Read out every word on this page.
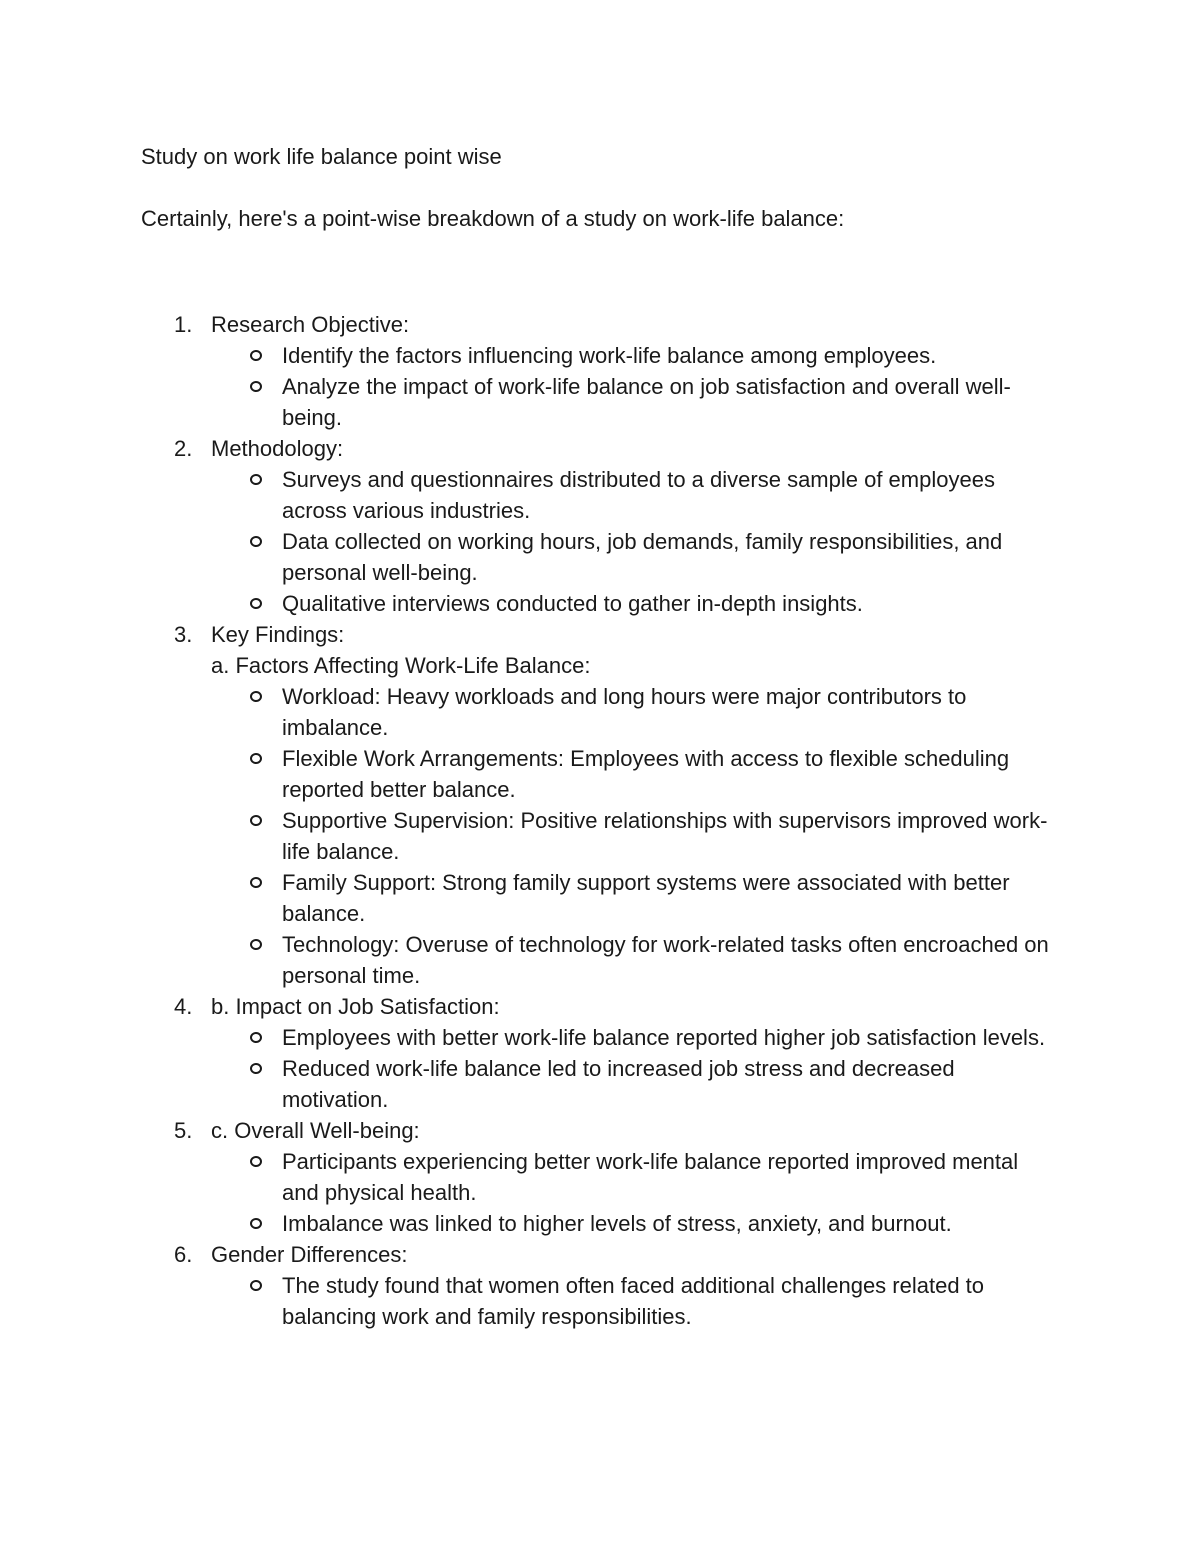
Study on work life balance point wise

Certainly, here's a point-wise breakdown of a study on work-life balance:

1. Research Objective:
Identify the factors influencing work-life balance among employees.
Analyze the impact of work-life balance on job satisfaction and overall well-being.
2. Methodology:
Surveys and questionnaires distributed to a diverse sample of employees across various industries.
Data collected on working hours, job demands, family responsibilities, and personal well-being.
Qualitative interviews conducted to gather in-depth insights.
3. Key Findings:
a. Factors Affecting Work-Life Balance:
Workload: Heavy workloads and long hours were major contributors to imbalance.
Flexible Work Arrangements: Employees with access to flexible scheduling reported better balance.
Supportive Supervision: Positive relationships with supervisors improved work-life balance.
Family Support: Strong family support systems were associated with better balance.
Technology: Overuse of technology for work-related tasks often encroached on personal time.
4. b. Impact on Job Satisfaction:
Employees with better work-life balance reported higher job satisfaction levels.
Reduced work-life balance led to increased job stress and decreased motivation.
5. c. Overall Well-being:
Participants experiencing better work-life balance reported improved mental and physical health.
Imbalance was linked to higher levels of stress, anxiety, and burnout.
6. Gender Differences:
The study found that women often faced additional challenges related to balancing work and family responsibilities.
